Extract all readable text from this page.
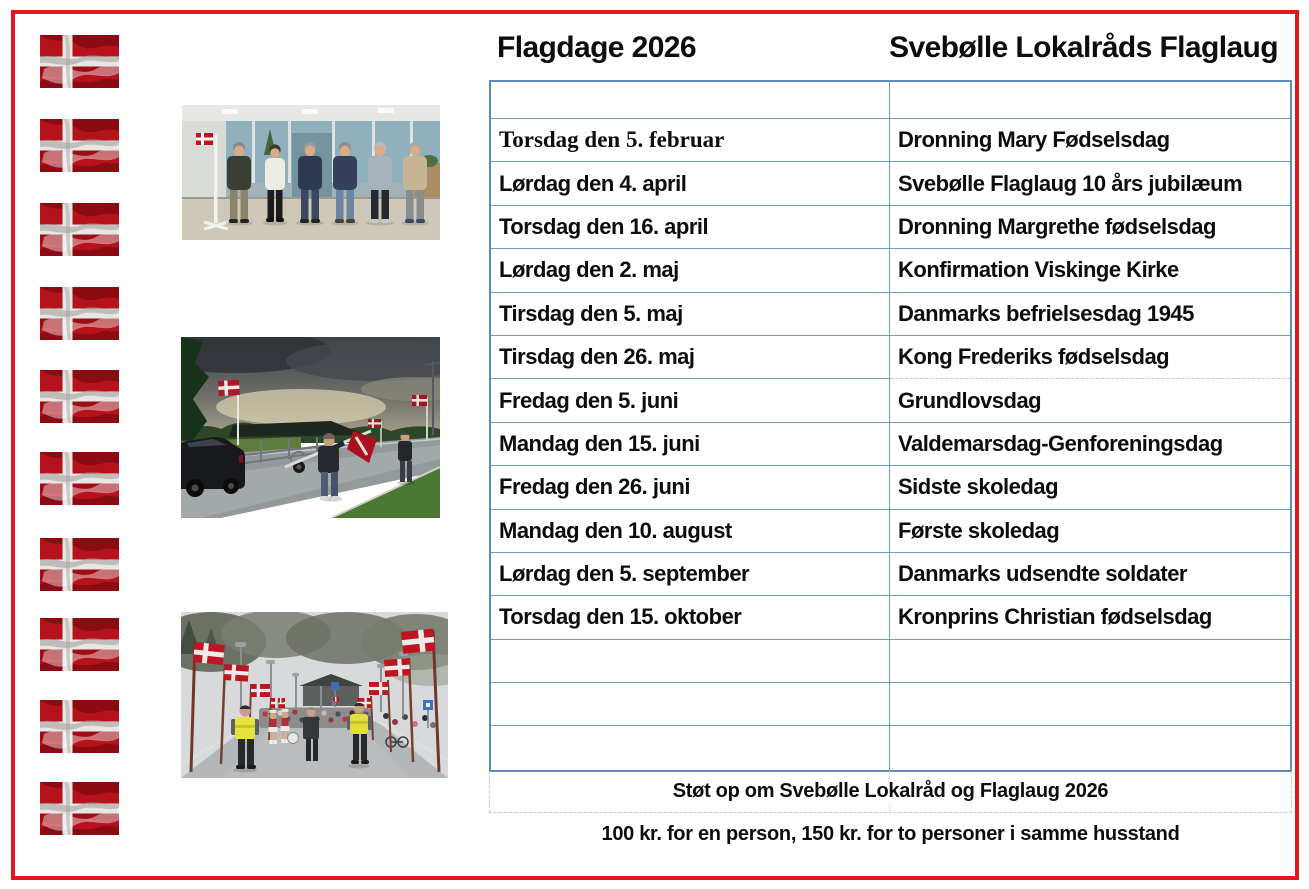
Flagdage 2026	Svebølle Lokalråds Flaglaug
Torsdag den 5. februar	Dronning Mary Fødselsdag
Lørdag den 4. april	Svebølle Flaglaug 10 års jubilæum
Torsdag den 16. april	Dronning Margrethe fødselsdag
Lørdag den 2. maj	Konfirmation Viskinge Kirke
Tirsdag den 5. maj	Danmarks befrielsesdag 1945
Tirsdag den 26. maj	Kong Frederiks fødselsdag
Fredag den 5. juni	Grundlovsdag
Mandag den 15. juni	Valdemarsdag-Genforeningsdag
Fredag den 26. juni	Sidste skoledag
Mandag den 10. august	Første skoledag
Lørdag den 5. september	Danmarks udsendte soldater
Torsdag den 15. oktober	Kronprins Christian fødselsdag
Støt op om Svebølle Lokalråd og Flaglaug 2026
100 kr. for en person, 150 kr. for to personer i samme husstand
